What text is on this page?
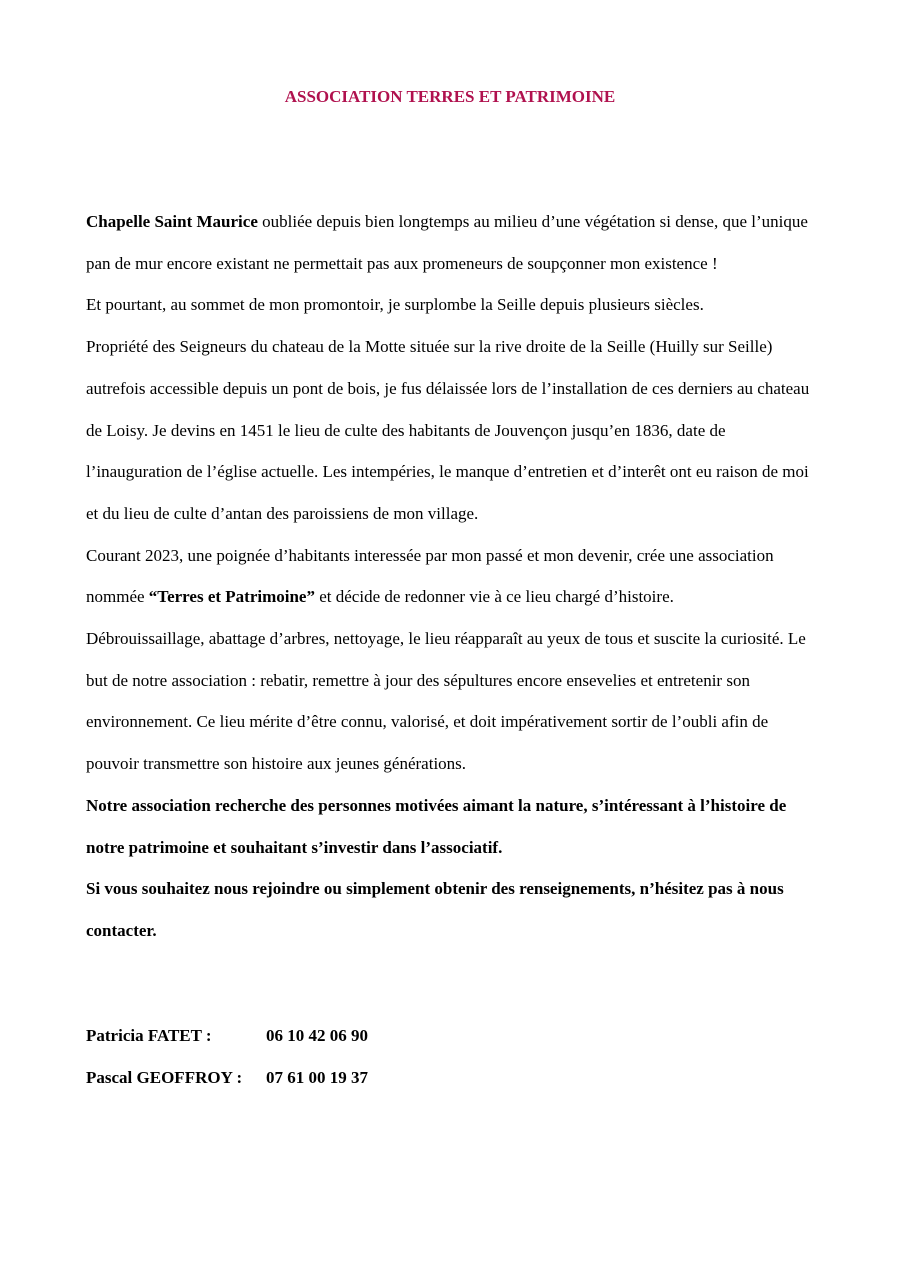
ASSOCIATION TERRES ET PATRIMOINE

Chapelle Saint Maurice oubliée depuis bien longtemps au milieu d’une végétation si dense, que l’unique pan de mur encore existant ne permettait pas aux promeneurs de soupçonner mon existence !

Et pourtant, au sommet de mon promontoir, je surplombe la Seille depuis plusieurs siècles.

Propriété des Seigneurs du chateau de la Motte située sur la rive droite de la Seille (Huilly sur Seille) autrefois accessible depuis un pont de bois, je fus délaissée lors de l’installation de ces derniers au chateau de Loisy. Je devins en 1451 le lieu de culte des habitants de Jouvençon jusqu’en 1836, date de l’inauguration de l’église actuelle. Les intempéries, le manque d’entretien et d’interêt ont eu raison de moi et du lieu de culte d’antan des paroissiens de mon village.

Courant 2023, une poignée d’habitants interessée par mon passé et mon devenir, crée une association nommée “Terres et Patrimoine” et décide de redonner vie à ce lieu chargé d’histoire.

Débrouissaillage, abattage d’arbres, nettoyage, le lieu réapparaît au yeux de tous et suscite la curiosité. Le but de notre association : rebatir, remettre à jour des sépultures encore ensevelies et entretenir son environnement. Ce lieu mérite d’être connu, valorisé, et doit impérativement sortir de l’oubli afin de pouvoir transmettre son histoire aux jeunes générations.

Notre association recherche des personnes motivées aimant la nature, s’intéressant à l’histoire de notre patrimoine et souhaitant s’investir dans l’associatif.

Si vous souhaitez nous rejoindre ou simplement obtenir des renseignements, n’hésitez pas à nous contacter.

Patricia FATET :	06 10 42 06 90
Pascal GEOFFROY :	07 61 00 19 37
